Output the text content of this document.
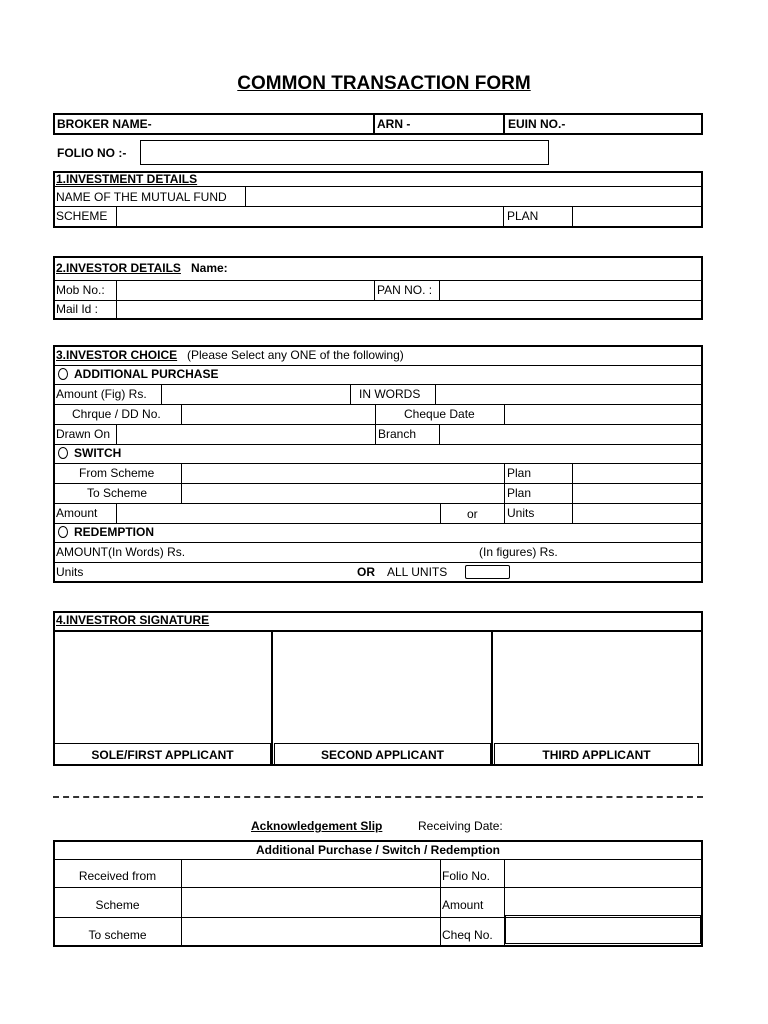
COMMON TRANSACTION FORM
BROKER NAME-	ARN -	EUIN NO.-
FOLIO NO :-
1.INVESTMENT DETAILS
NAME OF THE MUTUAL FUND
SCHEME	PLAN
2.INVESTOR DETAILS Name:
Mob No.:	PAN NO. :
Mail Id :
3.INVESTOR CHOICE (Please Select any ONE of the following)
ADDITIONAL PURCHASE
Amount (Fig) Rs.	IN WORDS
Chrque / DD No.	Cheque Date
Drawn On	Branch
SWITCH
From Scheme	Plan
To Scheme	Plan
Amount	or Units
REDEMPTION
AMOUNT(In Words) Rs.	(In figures) Rs.
Units	OR ALL UNITS
4.INVESTROR SIGNATURE
SOLE/FIRST APPLICANT	SECOND APPLICANT	THIRD APPLICANT
Acknowledgement Slip	Receiving Date:
Additional Purchase / Switch / Redemption
Received from	Folio No.
Scheme	Amount
To scheme	Cheq No.
